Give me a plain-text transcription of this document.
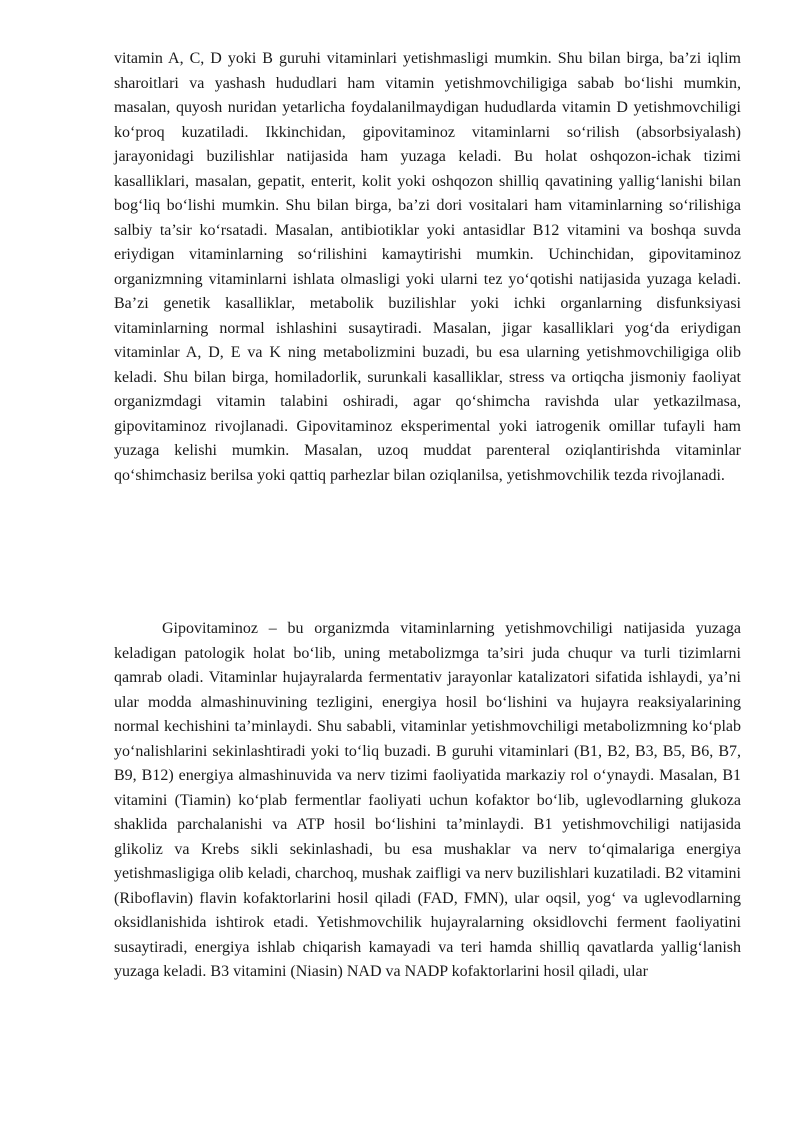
vitamin A, C, D yoki B guruhi vitaminlari yetishmasligi mumkin. Shu bilan birga, ba’zi iqlim sharoitlari va yashash hududlari ham vitamin yetishmovchiligiga sabab bo‘lishi mumkin, masalan, quyosh nuridan yetarlicha foydalanilmaydigan hududlarda vitamin D yetishmovchiligi ko‘proq kuzatiladi. Ikkinchidan, gipovitaminoz vitaminlarni so‘rilish (absorbsiyalash) jarayonidagi buzilishlar natijasida ham yuzaga keladi. Bu holat oshqozon-ichak tizimi kasalliklari, masalan, gepatit, enterit, kolit yoki oshqozon shilliq qavatining yallig‘lanishi bilan bog‘liq bo‘lishi mumkin. Shu bilan birga, ba’zi dori vositalari ham vitaminlarning so‘rilishiga salbiy ta’sir ko‘rsatadi. Masalan, antibiotiklar yoki antasidlar B12 vitamini va boshqa suvda eriydigan vitaminlarning so‘rilishini kamaytirishi mumkin. Uchinchidan, gipovitaminoz organizmning vitaminlarni ishlata olmasligi yoki ularni tez yo‘qotishi natijasida yuzaga keladi. Ba’zi genetik kasalliklar, metabolik buzilishlar yoki ichki organlarning disfunksiyasi vitaminlarning normal ishlashini susaytiradi. Masalan, jigar kasalliklari yog‘da eriydigan vitaminlar A, D, E va K ning metabolizmini buzadi, bu esa ularning yetishmovchiligiga olib keladi. Shu bilan birga, homiladorlik, surunkali kasalliklar, stress va ortiqcha jismoniy faoliyat organizmdagi vitamin talabini oshiradi, agar qo‘shimcha ravishda ular yetkazilmasa, gipovitaminoz rivojlanadi. Gipovitaminoz eksperimental yoki iatrogenik omillar tufayli ham yuzaga kelishi mumkin. Masalan, uzoq muddat parenteral oziqlantirishda vitaminlar qo‘shimchasiz berilsa yoki qattiq parhezlar bilan oziqlanilsa, yetishmovchilik tezda rivojlanadi.

Gipovitaminoz – bu organizmda vitaminlarning yetishmovchiligi natijasida yuzaga keladigan patologik holat bo‘lib, uning metabolizmga ta’siri juda chuqur va turli tizimlarni qamrab oladi. Vitaminlar hujayralarda fermentativ jarayonlar katalizatori sifatida ishlaydi, ya’ni ular modda almashinuvining tezligini, energiya hosil bo‘lishini va hujayra reaksiyalarining normal kechishini ta’minlaydi. Shu sababli, vitaminlar yetishmovchiligi metabolizmning ko‘plab yo‘nalishlarini sekinlashtiradi yoki to‘liq buzadi. B guruhi vitaminlari (B1, B2, B3, B5, B6, B7, B9, B12) energiya almashinuvida va nerv tizimi faoliyatida markaziy rol o‘ynaydi. Masalan, B1 vitamini (Tiamin) ko‘plab fermentlar faoliyati uchun kofaktor bo‘lib, uglevodlarning glukoza shaklida parchalanishi va ATP hosil bo‘lishini ta’minlaydi. B1 yetishmovchiligi natijasida glikoliz va Krebs sikli sekinlashadi, bu esa mushaklar va nerv to‘qimalariga energiya yetishmasligiga olib keladi, charchoq, mushak zaifligi va nerv buzilishlari kuzatiladi. B2 vitamini (Riboflavin) flavin kofaktorlarini hosil qiladi (FAD, FMN), ular oqsil, yog‘ va uglevodlarning oksidlanishida ishtirok etadi. Yetishmovchilik hujayralarning oksidlovchi ferment faoliyatini susaytiradi, energiya ishlab chiqarish kamayadi va teri hamda shilliq qavatlarda yallig‘lanish yuzaga keladi. B3 vitamini (Niasin) NAD va NADP kofaktorlarini hosil qiladi, ular
